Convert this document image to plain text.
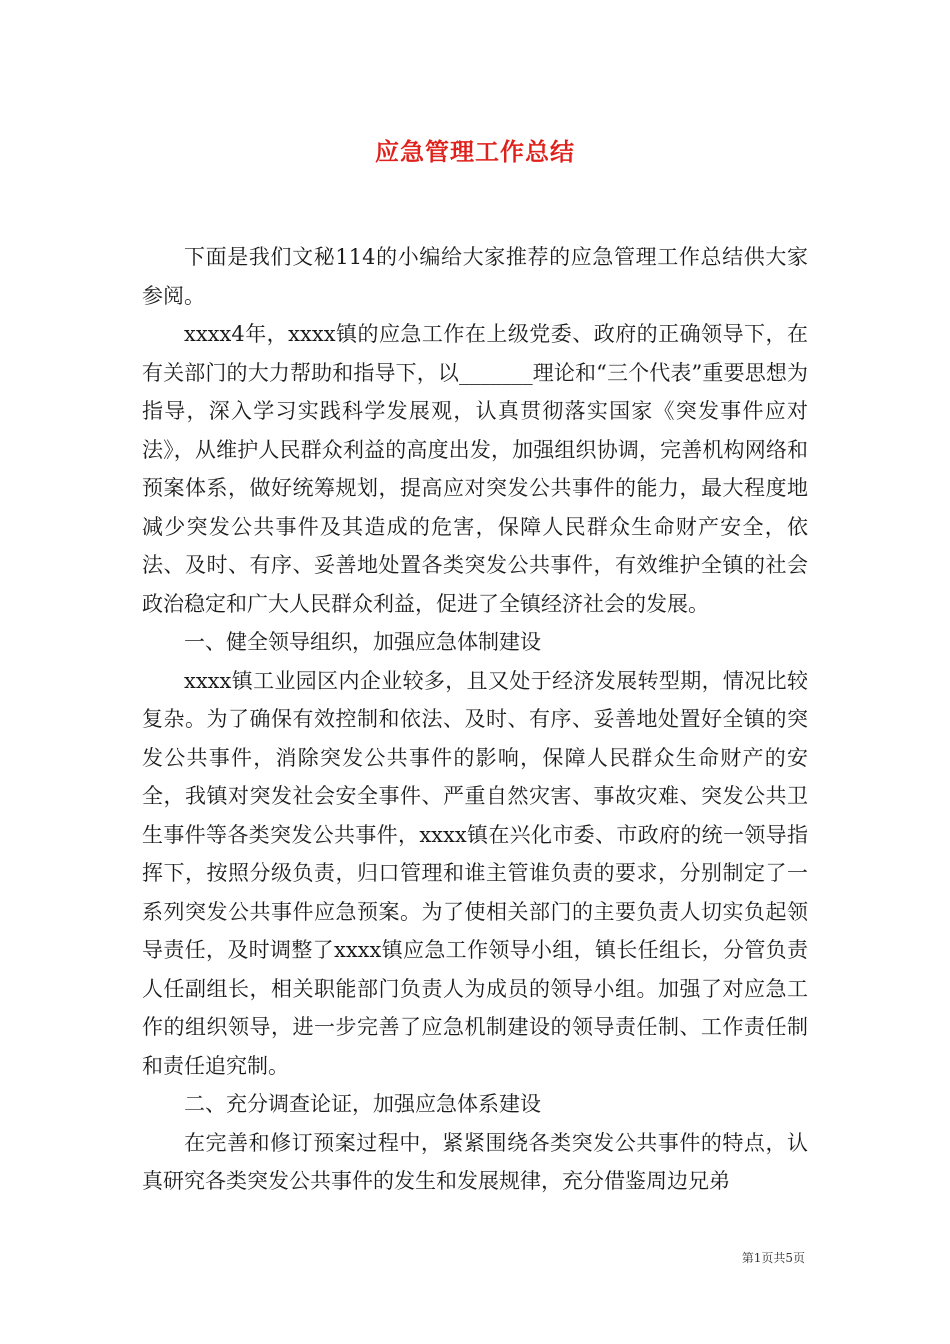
应急管理工作总结

下面是我们文秘114的小编给大家推荐的应急管理工作总结供大家参阅。

xxxx4年，xxxx镇的应急工作在上级党委、政府的正确领导下，在有关部门的大力帮助和指导下，以_______理论和“三个代表”重要思想为指导，深入学习实践科学发展观，认真贯彻落实国家《突发事件应对法》，从维护人民群众利益的高度出发，加强组织协调，完善机构网络和预案体系，做好统筹规划，提高应对突发公共事件的能力，最大程度地减少突发公共事件及其造成的危害，保障人民群众生命财产安全，依法、及时、有序、妥善地处置各类突发公共事件，有效维护全镇的社会政治稳定和广大人民群众利益，促进了全镇经济社会的发展。

一、健全领导组织，加强应急体制建设

xxxx镇工业园区内企业较多，且又处于经济发展转型期，情况比较复杂。为了确保有效控制和依法、及时、有序、妥善地处置好全镇的突发公共事件，消除突发公共事件的影响，保障人民群众生命财产的安全，我镇对突发社会安全事件、严重自然灾害、事故灾难、突发公共卫生事件等各类突发公共事件，xxxx镇在兴化市委、市政府的统一领导指挥下，按照分级负责，归口管理和谁主管谁负责的要求，分别制定了一系列突发公共事件应急预案。为了使相关部门的主要负责人切实负起领导责任，及时调整了xxxx镇应急工作领导小组，镇长任组长，分管负责人任副组长，相关职能部门负责人为成员的领导小组。加强了对应急工作的组织领导，进一步完善了应急机制建设的领导责任制、工作责任制和责任追究制。

二、充分调查论证，加强应急体系建设

在完善和修订预案过程中，紧紧围绕各类突发公共事件的特点，认真研究各类突发公共事件的发生和发展规律，充分借鉴周边兄弟

第1页共5页
